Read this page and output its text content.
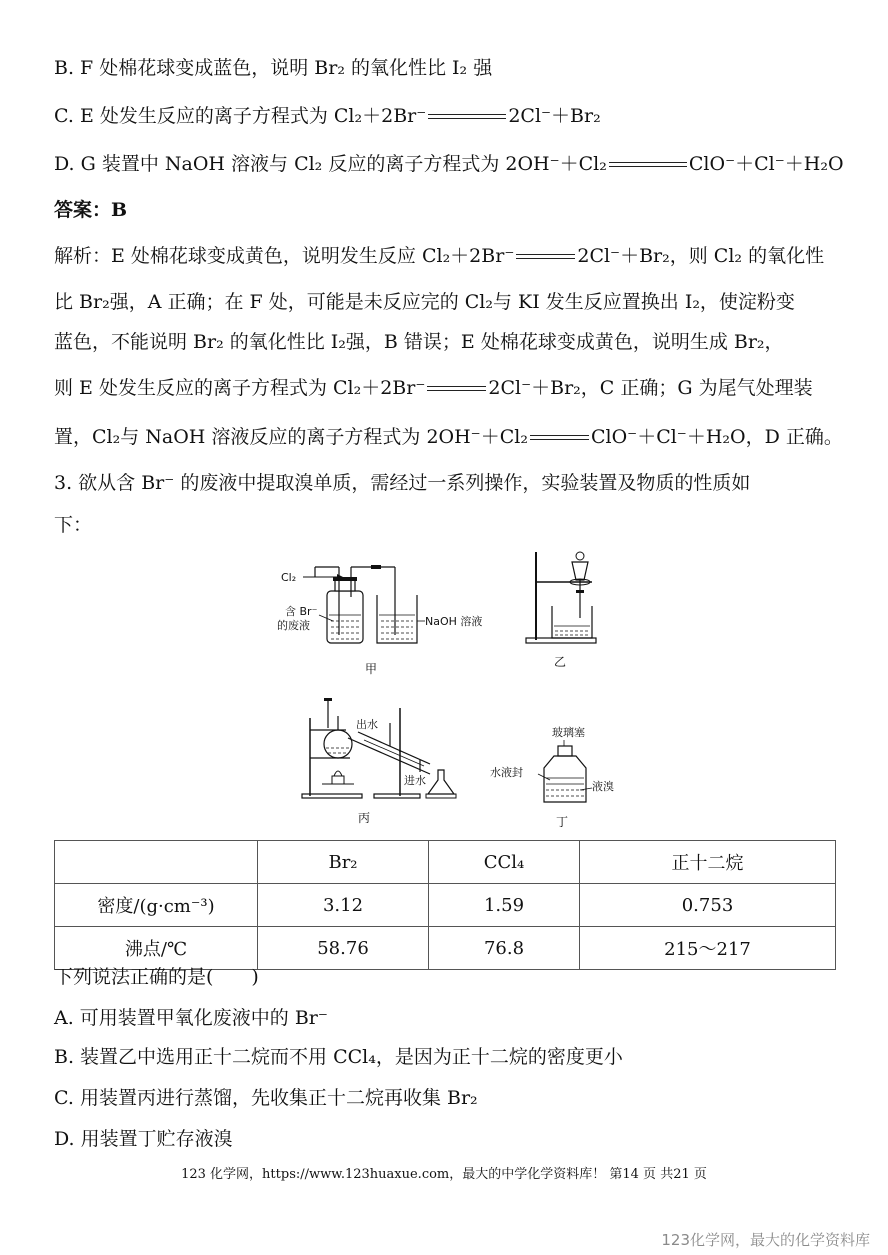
B. F 处棉花球变成蓝色，说明 Br₂ 的氧化性比 I₂ 强
C. E 处发生反应的离子方程式为 Cl₂＋2Br⁻	2Cl⁻＋Br₂
D. G 装置中 NaOH 溶液与 Cl₂ 反应的离子方程式为 2OH⁻＋Cl₂	ClO⁻＋Cl⁻＋H₂O
答案：B
解析：E 处棉花球变成黄色，说明发生反应 Cl₂＋2Br⁻	2Cl⁻＋Br₂，则 Cl₂ 的氧化性
比 Br₂强，A 正确；在 F 处，可能是未反应完的 Cl₂与 KI 发生反应置换出 I₂，使淀粉变
蓝色，不能说明 Br₂ 的氧化性比 I₂强，B 错误；E 处棉花球变成黄色，说明生成 Br₂，
则 E 处发生反应的离子方程式为 Cl₂＋2Br⁻	2Cl⁻＋Br₂，C 正确；G 为尾气处理装
置，Cl₂与 NaOH 溶液反应的离子方程式为 2OH⁻＋Cl₂	ClO⁻＋Cl⁻＋H₂O，D 正确。
3. 欲从含 Br⁻ 的废液中提取溴单质，需经过一系列操作，实验装置及物质的性质如
下：
Cl₂
含 Br⁻
的废液	NaOH 溶液
甲	乙
出水
进水
丙
玻璃塞
水液封
液溴
丁
	Br₂	CCl₄	正十二烷
密度/(g·cm⁻³)	3.12	1.59	0.753
沸点/℃	58.76	76.8	215～217
下列说法正确的是(　　)
A. 可用装置甲氧化废液中的 Br⁻
B. 装置乙中选用正十二烷而不用 CCl₄，是因为正十二烷的密度更小
C. 用装置丙进行蒸馏，先收集正十二烷再收集 Br₂
D. 用装置丁贮存液溴
123 化学网，https://www.123huaxue.com，最大的中学化学资料库！ 第14 页 共21 页
123化学网，最大的化学资料库
